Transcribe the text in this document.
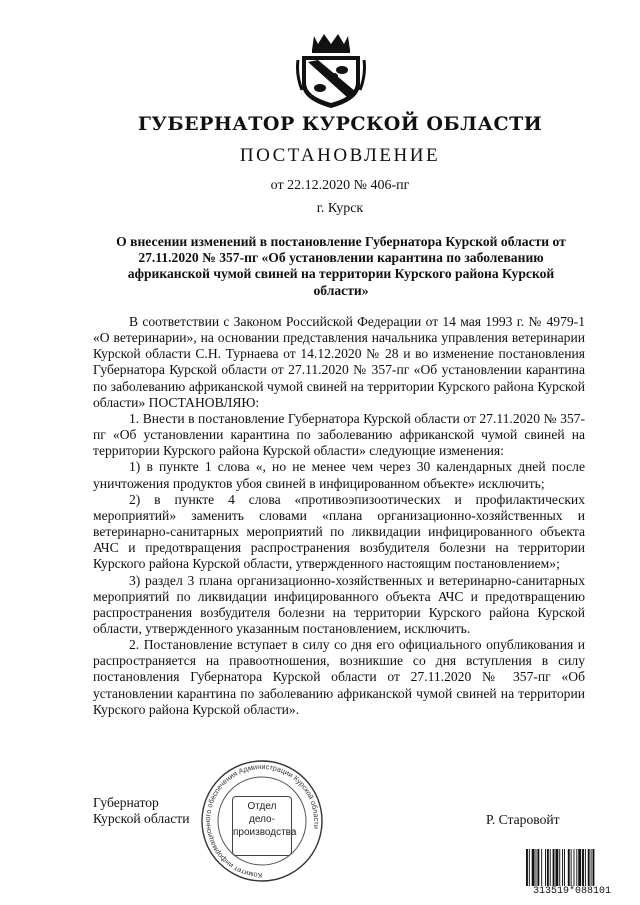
ГУБЕРНАТОР КУРСКОЙ ОБЛАСТИ
ПОСТАНОВЛЕНИЕ
от 22.12.2020 № 406-пг
г. Курск
О внесении изменений в постановление Губернатора Курской области от 27.11.2020 № 357-пг «Об установлении карантина по заболеванию африканской чумой свиней на территории Курского района Курской области»

В соответствии с Законом Российской Федерации от 14 мая 1993 г. № 4979-1 «О ветеринарии», на основании представления начальника управления ветеринарии Курской области С.Н. Турнаева от 14.12.2020 № 28 и во изменение постановления Губернатора Курской области от 27.11.2020 № 357-пг «Об установлении карантина по заболеванию африканской чумой свиней на территории Курского района Курской области» ПОСТАНОВЛЯЮ:

1. Внести в постановление Губернатора Курской области от 27.11.2020 № 357-пг «Об установлении карантина по заболеванию африканской чумой свиней на территории Курского района Курской области» следующие изменения:

1) в пункте 1 слова «, но не менее чем через 30 календарных дней после уничтожения продуктов убоя свиней в инфицированном объекте» исключить;

2) в пункте 4 слова «противоэпизоотических и профилактических мероприятий» заменить словами «плана организационно-хозяйственных и ветеринарно-санитарных мероприятий по ликвидации инфицированного объекта АЧС и предотвращения распространения возбудителя болезни на территории Курского района Курской области, утвержденного настоящим постановлением»;

3) раздел 3 плана организационно-хозяйственных и ветеринарно-санитарных мероприятий по ликвидации инфицированного объекта АЧС и предотвращению распространения возбудителя болезни на территории Курского района Курской области, утвержденного указанным постановлением, исключить.

2. Постановление вступает в силу со дня его официального опубликования и распространяется на правоотношения, возникшие со дня вступления в силу постановления Губернатора Курской области от 27.11.2020 № 357-пг «Об установлении карантина по заболеванию африканской чумой свиней на территории Курского района Курской области».

Губернатор
Курской области
Комитет информационного обеспечения Администрации Курской области
Отдел
дело-
производства
Р. Старовойт
313519*088101
